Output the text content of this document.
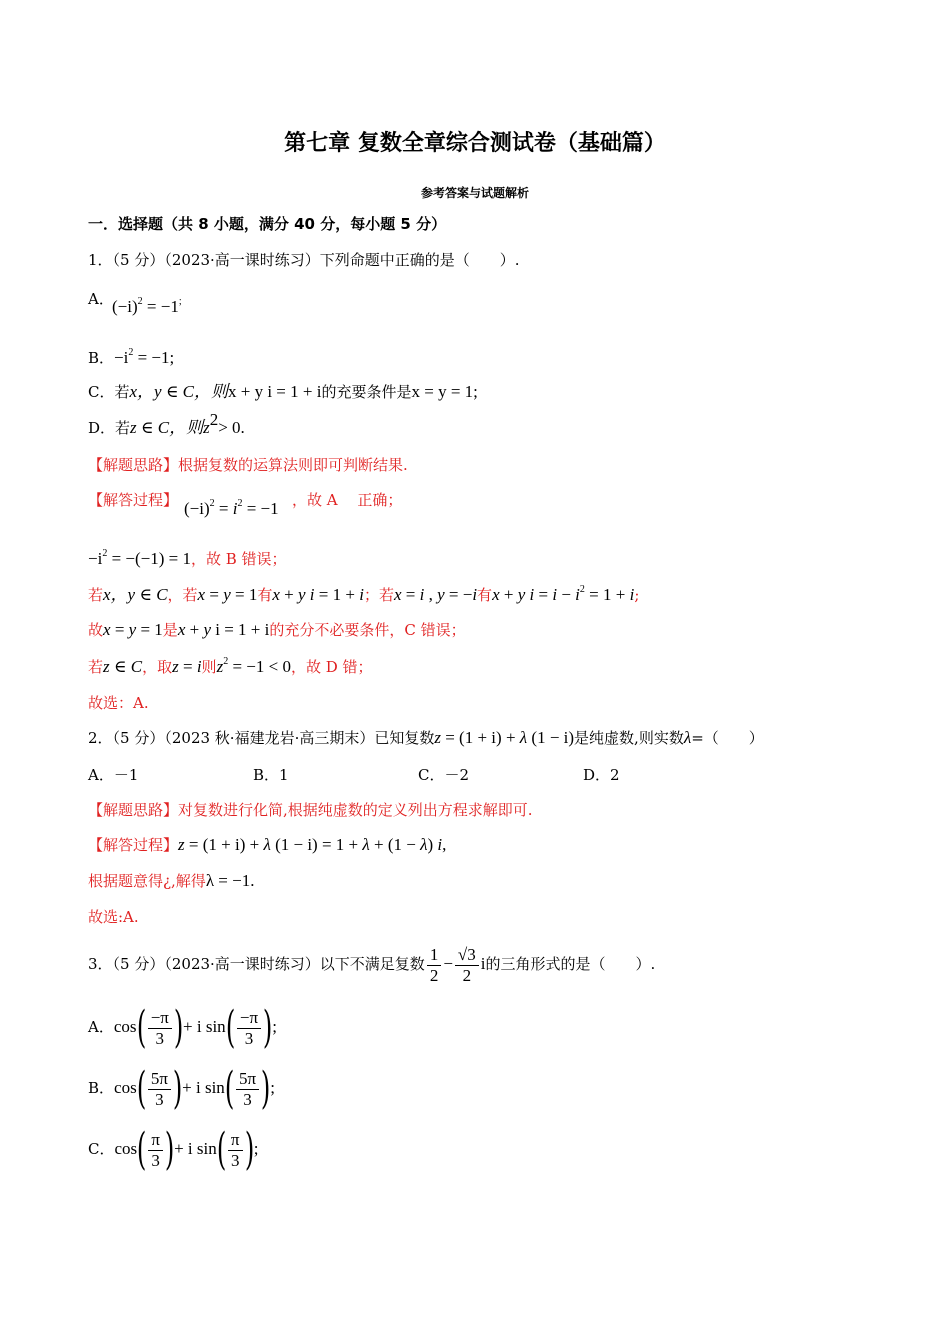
第七章 复数全章综合测试卷（基础篇）
参考答案与试题解析
一．选择题（共 8 小题，满分 40 分，每小题 5 分）
1．（5 分）（2023·高一课时练习）下列命题中正确的是（　　）.
A．
$(-i)^2 = -1^;$
B．$-i^2 = -1$;
C．若x，y ∈ C，则x + y i = 1 + i的充要条件是x = y = 1;
D．若z ∈ C，则$z^2> 0$.
【解题思路】根据复数的运算法则即可判断结果.
【解答过程】 $(-i)^2 = i^2 = -1$ ，故 A　 正确；
$-i^2 = -(-1) = 1$，故 B 错误；
若x，y ∈ C，若x = y = 1有x + y i = 1 + i；若x = i , y = −i有x + y $i = i - i^2 = 1 + i$;
故x = y = 1是x + y i = 1 + i的充分不必要条件，C 错误；
若z ∈ C，取z = i则$z^2 = -1 < 0$，故 D 错；
故选：A.
2．（5 分）（2023 秋·福建龙岩·高三期末）已知复数z = (1 + i) + λ (1 − i)是纯虚数,则实数λ=（　　）
A．－1	B．1	C．－2	D．2
【解题思路】对复数进行化简,根据纯虚数的定义列出方程求解即可.
【解答过程】z = (1 + i) + λ (1 − i) = 1 + λ + (1 − λ) i,
根据题意得¿,解得λ = −1.
故选:A.
3．（5 分）（2023·高一课时练习）以下不满足复数 $\frac{1}{2} - \frac{√3}{2}$ i的三角形式的是（　　）.
A．$\cos( \frac{-\pi}{3}$ )+ i $\sin( \frac{-\pi}{3}$ );
B．$\cos( \frac{5\pi}{3}$ )+ i $\sin( \frac{5\pi}{3}$ );
C．$\cos( \frac{\pi}{3}$ )+ i $\sin( \frac{\pi}{3}$ );
